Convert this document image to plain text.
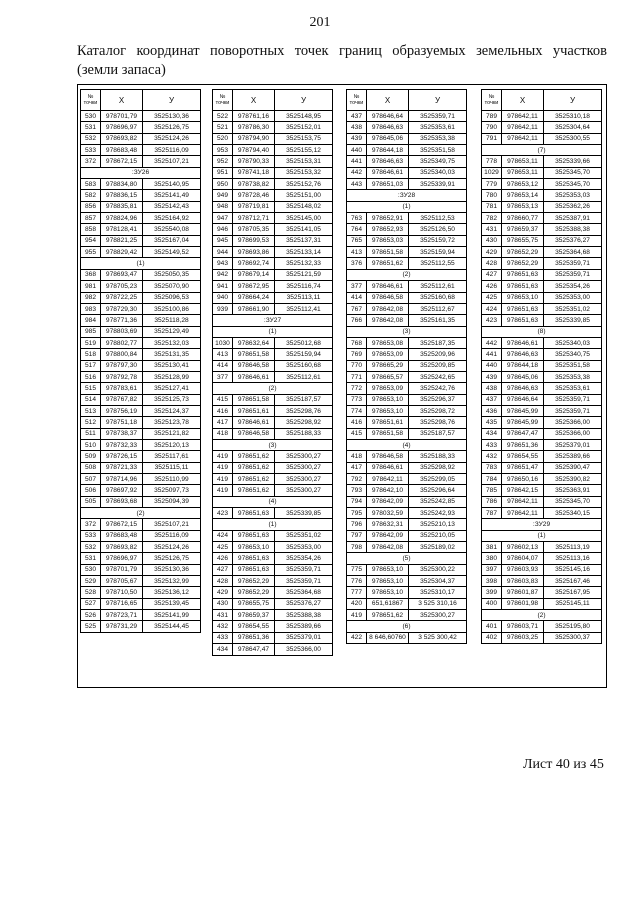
201
Каталог координат поворотных точек границ образуемых земельных участков
(земли запаса)
№
точки	X	У
530	978701,79	3525130,36
531	978696,97	3525126,75
532	978693,82	3525124,26
533	978683,48	3525116,09
372	978672,15	3525107,21
:ЗУ26		
583	978834,80	3525140,95
582	978836,15	3525141,49
856	978835,81	3525142,43
857	978824,96	3525164,92
858	978128,41	3525540,08
954	978821,25	3525167,04
955	978829,42	3525149,52
(1)		
368	978693,47	3525050,35
981	978705,23	3525070,90
982	978722,25	3525096,53
983	978729,30	3525100,86
984	978771,36	3525118,28
985	978803,69	3525129,49
519	978802,77	3525132,03
518	978800,84	3525131,35
517	978797,30	3525130,41
516	978792,78	3525128,99
515	978783,61	3525127,41
514	978767,82	3525125,73
513	978756,19	3525124,37
512	978751,18	3525123,78
511	978738,37	3525121,82
510	978732,33	3525120,13
509	978726,15	3525117,61
508	978721,33	3525115,11
507	978714,96	3525110,99
506	978697,92	3525097,73
505	978693,68	3525094,39
(2)		
372	978672,15	3525107,21
533	978683,48	3525116,09
532	978693,82	3525124,26
531	978696,97	3525126,75
530	978701,79	3525130,36
529	978705,67	3525132,99
528	978710,50	3525136,12
527	978716,65	3525139,45
526	978723,71	3525141,99
525	978731,29	3525144,45
№
точки	X	У
522	978761,16	3525148,95
521	978786,30	3525152,01
520	978794,90	3525153,75
953	978794,40	3525155,12
952	978790,33	3525153,31
951	978741,18	3525153,32
950	978738,82	3525152,76
949	978728,46	3525151,00
948	978719,81	3525148,02
947	978712,71	3525145,00
946	978705,35	3525141,05
945	978699,53	3525137,31
944	978693,86	3525133,14
943	978692,74	3525132,33
942	978679,14	3525121,59
941	978672,95	3525116,74
940	978664,24	3525113,11
939	978661,90	3525112,41
:ЗУ27		
(1)		
1030	978632,64	3525012,68
413	978651,58	3525159,94
414	978646,58	3525160,68
377	978646,61	3525112,61
(2)		
415	978651,58	3525187,57
416	978651,61	3525298,76
417	978646,61	3525298,92
418	978646,58	3525188,33
(3)		
419	978651,62	3525300,27
419	978651,62	3525300,27
419	978651,62	3525300,27
419	978651,62	3525300,27
(4)		
423	978651,63	3525339,85
(1)		
424	978651,63	3525351,02
425	978653,10	3525353,00
426	978651,63	3525354,26
427	978651,63	3525359,71
428	978652,29	3525359,71
429	978652,29	3525364,68
430	978655,75	3525376,27
431	978659,37	3525388,38
432	978654,55	3525389,66
433	978651,36	3525379,01
434	978647,47	3525366,00
№
точки	X	У
437	978646,64	3525359,71
438	978646,63	3525353,61
439	978645,06	3525353,38
440	978644,18	3525351,58
441	978646,63	3525349,75
442	978646,61	3525340,03
443	978651,03	3525339,91
:ЗУ28		
(1)		
763	978652,91	3525112,53
764	978652,93	3525126,50
765	978653,03	3525159,72
413	978651,58	3525159,94
376	978651,62	3525112,55
(2)		
377	978646,61	3525112,61
414	978646,58	3525160,68
767	978642,08	3525112,67
766	978642,08	3525161,35
(3)		
768	978653,08	3525187,35
769	978653,09	3525209,96
770	978665,29	3525209,85
771	978665,57	3525242,65
772	978653,09	3525242,76
773	978653,10	3525296,37
774	978653,10	3525298,72
416	978651,61	3525298,76
415	978651,58	3525187,57
(4)		
418	978646,58	3525188,33
417	978646,61	3525298,92
792	978642,11	3525299,05
793	978642,10	3525296,64
794	978642,09	3525242,85
795	978032,59	3525242,93
796	978632,31	3525210,13
797	978642,09	3525210,05
798	978642,08	3525189,02
(5)		
775	978653,10	3525300,22
776	978653,10	3525304,37
777	978653,10	3525310,17
420	651,61867	3 525 310,16
419	978651,62	3525300,27
(6)		
422	8 646,60760	3 525 300,42
№
точки	X	У
789	978642,11	3525310,18
790	978642,11	3525304,64
791	978642,11	3525300,55
(7)		
778	978653,11	3525339,66
1029	978653,11	3525345,70
779	978653,12	3525345,70
780	978653,14	3525353,03
781	978653,13	3525362,26
782	978660,77	3525387,91
431	978659,37	3525388,38
430	978655,75	3525376,27
429	978652,29	3525364,68
428	978652,29	3525359,71
427	978651,63	3525359,71
426	978651,63	3525354,26
425	978653,10	3525353,00
424	978651,63	3525351,02
423	978651,63	3525339,85
(8)		
442	978646,61	3525340,03
441	978646,63	3525340,75
440	978644,18	3525351,58
439	978645,06	3525353,38
438	978646,63	3525353,61
437	978646,64	3525359,71
436	978645,99	3525359,71
435	978645,99	3525366,00
434	978647,47	3525366,00
433	978651,36	3525379,01
432	978654,55	3525389,66
783	978651,47	3525390,47
784	978650,16	3525390,82
785	978642,15	3525363,91
786	978642,11	3525345,70
787	978642,11	3525340,15
:ЗУ29		
(1)		
381	978602,13	3525113,19
380	978604,07	3525113,16
397	978603,93	3525145,16
398	978603,83	3525167,46
399	978601,87	3525167,95
400	978601,98	3525145,11
(2)		
401	978603,71	3525195,80
402	978603,25	3525300,37
Лист 40 из 45
